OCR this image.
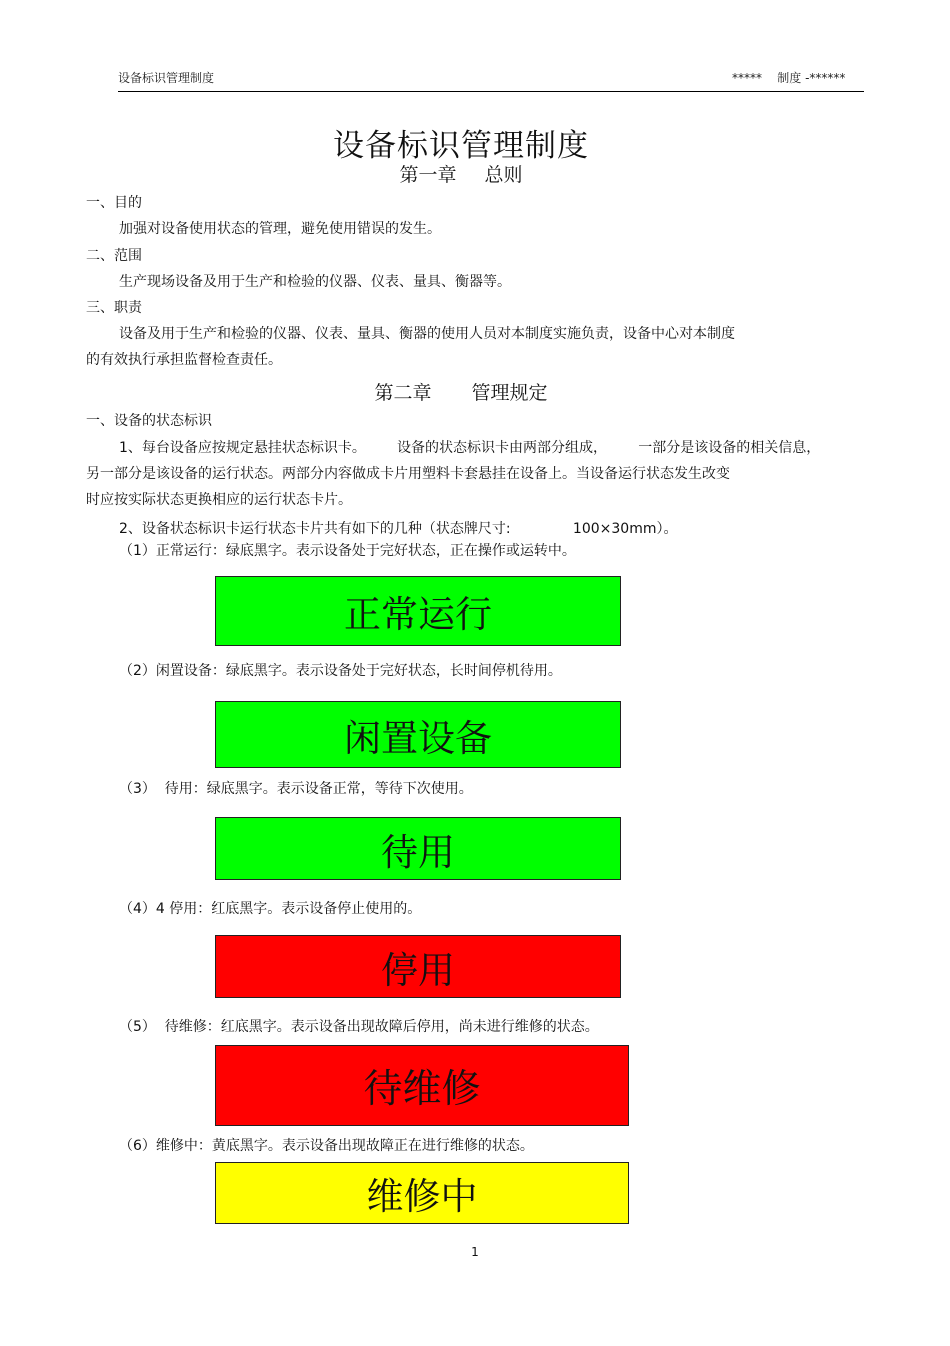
设备标识管理制度	*****    制度 -******
设备标识管理制度
第一章 总则
一、目的
加强对设备使用状态的管理，避免使用错误的发生。
二、范围
生产现场设备及用于生产和检验的仪器、仪表、量具、衡器等。
三、职责
设备及用于生产和检验的仪器、仪表、量具、衡器的使用人员对本制度实施负责，设备中心对本制度
的有效执行承担监督检查责任。
第二章 管理规定
一、设备的状态标识
1、每台设备应按规定悬挂状态标识卡。       设备的状态标识卡由两部分组成，       一部分是该设备的相关信息，
另一部分是该设备的运行状态。两部分内容做成卡片用塑料卡套悬挂在设备上。当设备运行状态发生改变
时应按实际状态更换相应的运行状态卡片。
2、设备状态标识卡运行状态卡片共有如下的几种（状态牌尺寸:              100×30mm）。
（1）正常运行：绿底黑字。表示设备处于完好状态，正在操作或运转中。
正常运行
（2）闲置设备：绿底黑字。表示设备处于完好状态，长时间停机待用。
闲置设备
（3）  待用：绿底黑字。表示设备正常，等待下次使用。
待用
（4）4 停用：红底黑字。表示设备停止使用的。
停用
（5）  待维修：红底黑字。表示设备出现故障后停用，尚未进行维修的状态。
待维修
（6）维修中：黄底黑字。表示设备出现故障正在进行维修的状态。
维修中
1
